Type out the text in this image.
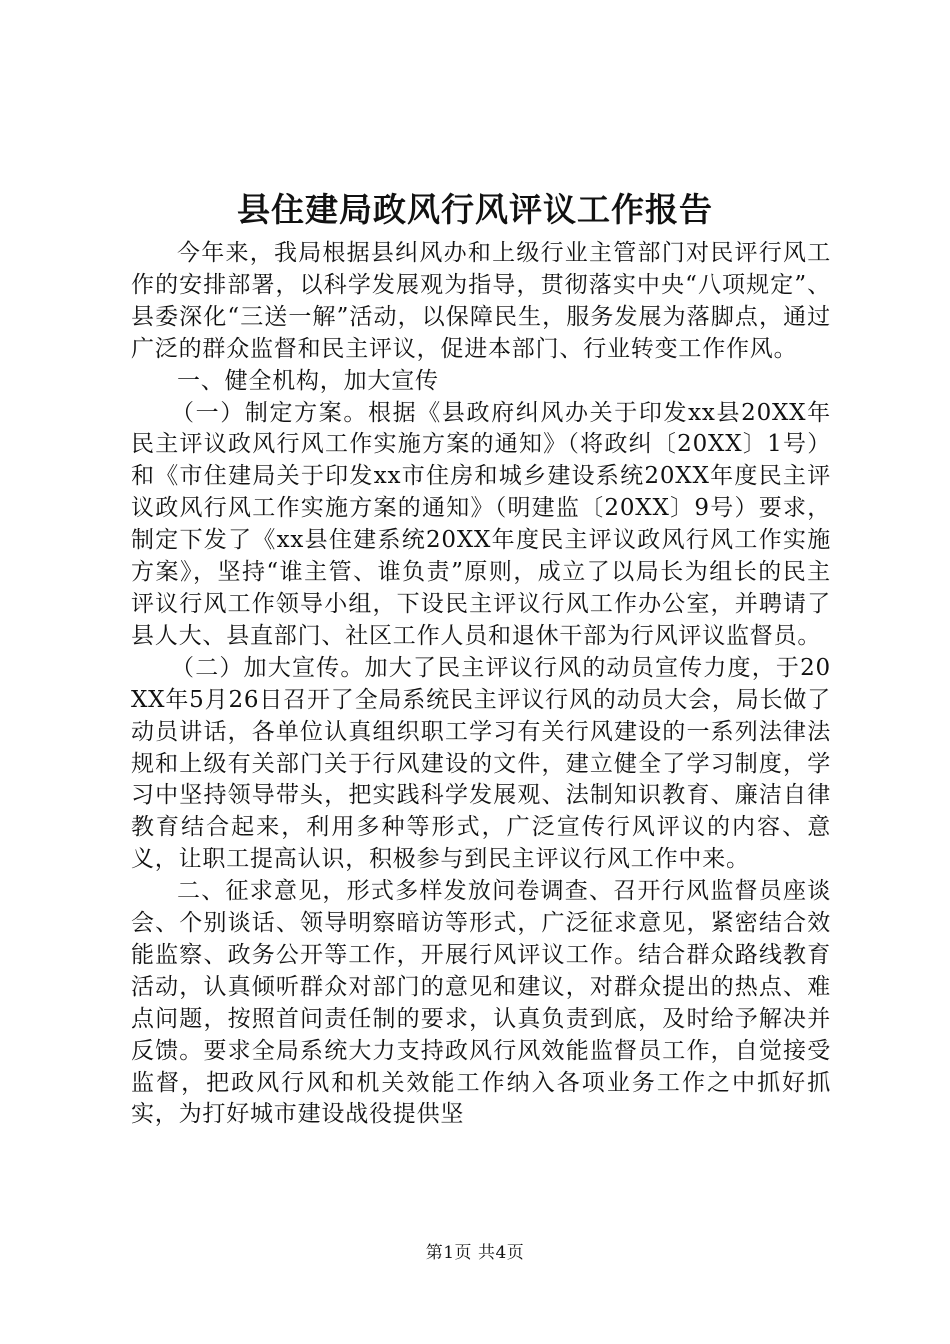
县住建局政风行风评议工作报告

今年来，我局根据县纠风办和上级行业主管部门对民评行风工作的安排部署，以科学发展观为指导，贯彻落实中央“八项规定”、县委深化“三送一解”活动，以保障民生，服务发展为落脚点，通过广泛的群众监督和民主评议，促进本部门、行业转变工作作风。

一、健全机构，加大宣传

（一）制定方案。根据《县政府纠风办关于印发xx县20XX年民主评议政风行风工作实施方案的通知》（将政纠〔20XX〕1号）和《市住建局关于印发xx市住房和城乡建设系统20XX年度民主评议政风行风工作实施方案的通知》（明建监〔20XX〕9号）要求，制定下发了《xx县住建系统20XX年度民主评议政风行风工作实施方案》，坚持“谁主管、谁负责”原则，成立了以局长为组长的民主评议行风工作领导小组，下设民主评议行风工作办公室，并聘请了县人大、县直部门、社区工作人员和退休干部为行风评议监督员。

（二）加大宣传。加大了民主评议行风的动员宣传力度，于20XX年5月26日召开了全局系统民主评议行风的动员大会，局长做了动员讲话，各单位认真组织职工学习有关行风建设的一系列法律法规和上级有关部门关于行风建设的文件，建立健全了学习制度，学习中坚持领导带头，把实践科学发展观、法制知识教育、廉洁自律教育结合起来，利用多种等形式，广泛宣传行风评议的内容、意义，让职工提高认识，积极参与到民主评议行风工作中来。

二、征求意见，形式多样发放问卷调查、召开行风监督员座谈会、个别谈话、领导明察暗访等形式，广泛征求意见，紧密结合效能监察、政务公开等工作，开展行风评议工作。结合群众路线教育活动，认真倾听群众对部门的意见和建议，对群众提出的热点、难点问题，按照首问责任制的要求，认真负责到底，及时给予解决并反馈。要求全局系统大力支持政风行风效能监督员工作，自觉接受监督，把政风行风和机关效能工作纳入各项业务工作之中抓好抓实，为打好城市建设战役提供坚

第1页 共4页
